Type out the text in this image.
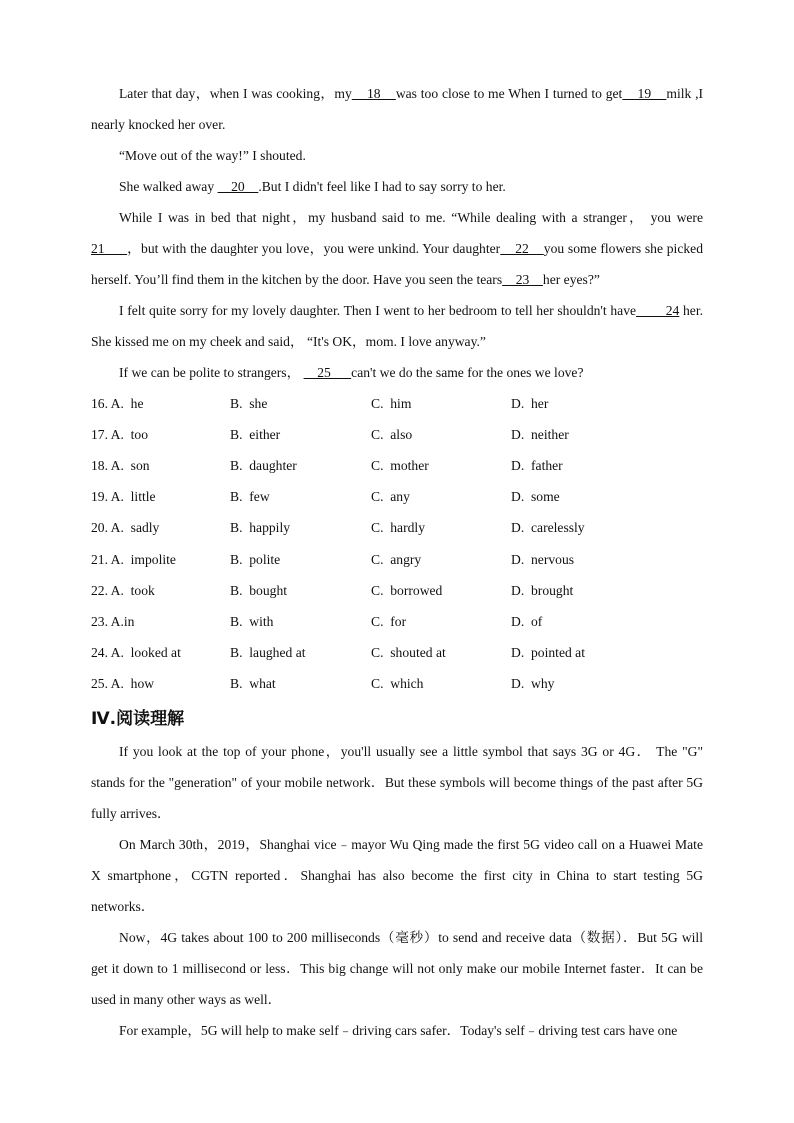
Later that day，when I was cooking，my    18    was too close to me When I turned to get    19    milk ,I nearly knocked her over.
“Move out of the way!” I shouted.
She walked away     20    .But I didn't feel like I had to say sorry to her.
While I was in bed that night，my husband said to me. “While dealing with a stranger， you were 21      ，but with the daughter you love，you were unkind. Your daughter    22    you some flowers she picked herself. You’ll find them in the kitchen by the door. Have you seen the tears    23    her eyes?”
I felt quite sorry for my lovely daughter. Then I went to her bedroom to tell her shouldn't have        24 her. She kissed me on my cheek and said， “It's OK，mom. I love anyway.”
If we can be polite to strangers，     25      can't we do the same for the ones we love?
16. A.  he	B.  she	C.  him	D.  her
17. A.  too	B.  either	C.  also	D.  neither
18. A.  son	B.  daughter	C.  mother	D.  father
19. A.  little	B.  few	C.  any	D.  some
20. A.  sadly	B.  happily	C.  hardly	D.  carelessly
21. A.  impolite	B.  polite	C.  angry	D.  nervous
22. A.  took	B.  bought	C.  borrowed	D.  brought
23. A.in	B.  with	C.  for	D.  of
24. A.  looked at	B.  laughed at	C.  shouted at	D.  pointed at
25. A.  how	B.  what	C.  which	D.  why
Ⅳ.阅读理解
If you look at the top of your phone，you'll usually see a little symbol that says 3G or 4G． The "G" stands for the "generation" of your mobile network．But these symbols will become things of the past after 5G fully arrives．
On March 30th，2019，Shanghai vice﹣mayor Wu Qing made the first 5G video call on a Huawei Mate X smartphone，CGTN reported．Shanghai has also become the first city in China to start testing 5G networks．
Now，4G takes about 100 to 200 milliseconds（毫秒）to send and receive data（数据）．But 5G will get it down to 1 millisecond or less．This big change will not only make our mobile Internet faster．It can be used in many other ways as well．
For example，5G will help to make self﹣driving cars safer．Today's self﹣driving test cars have one
